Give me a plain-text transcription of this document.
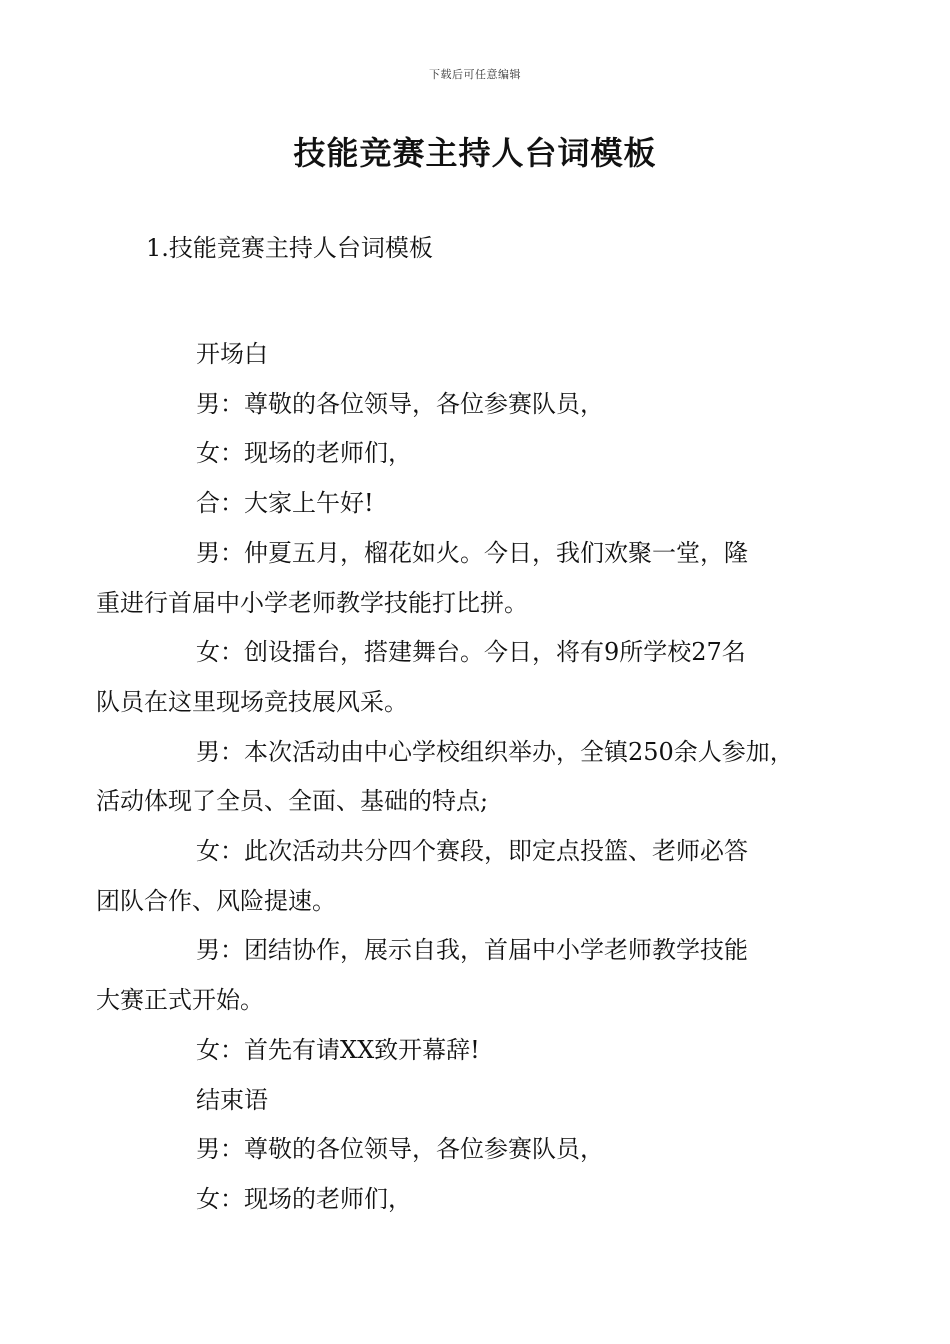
下载后可任意编辑
技能竞赛主持人台词模板
1.技能竞赛主持人台词模板

开场白

男：尊敬的各位领导，各位参赛队员，

女：现场的老师们，

合：大家上午好!

男：仲夏五月，榴花如火。今日，我们欢聚一堂，隆
重进行首届中小学老师教学技能打比拼。

女：创设擂台，搭建舞台。今日，将有9所学校27名
队员在这里现场竞技展风采。

男：本次活动由中心学校组织举办，全镇250余人参加，
活动体现了全员、全面、基础的特点;

女：此次活动共分四个赛段，即定点投篮、老师必答
团队合作、风险提速。

男：团结协作，展示自我，首届中小学老师教学技能
大赛正式开始。

女：首先有请XX致开幕辞!

结束语

男：尊敬的各位领导，各位参赛队员，

女：现场的老师们，
